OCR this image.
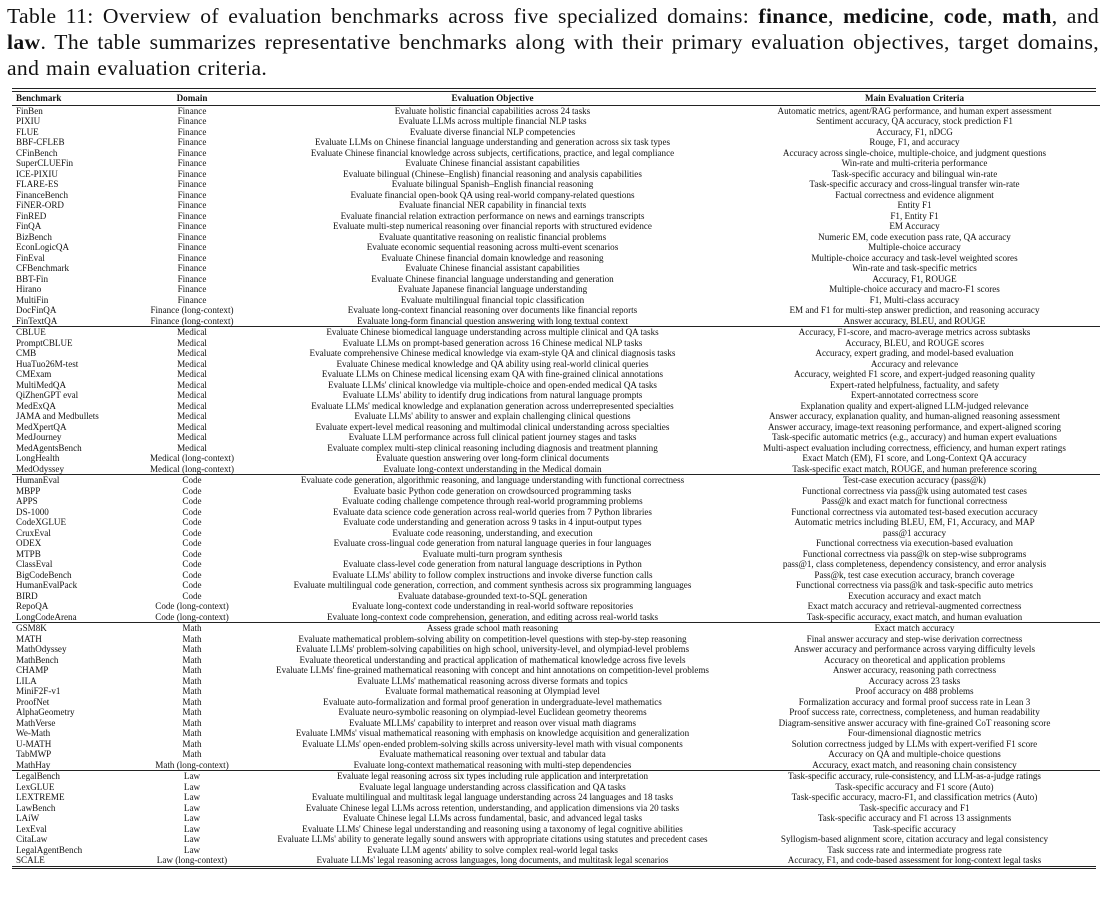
Table 11: Overview of evaluation benchmarks across five specialized domains: finance, medicine, code, math, and law. The table summarizes representative benchmarks along with their primary evaluation objectives, target domains, and main evaluation criteria.
Benchmark	Domain	Evaluation Objective	Main Evaluation Criteria

FinBen	Finance	Evaluate holistic financial capabilities across 24 tasks	Automatic metrics, agent/RAG performance, and human expert assessment
PIXIU	Finance	Evaluate LLMs across multiple financial NLP tasks	Sentiment accuracy, QA accuracy, stock prediction F1
FLUE	Finance	Evaluate diverse financial NLP competencies	Accuracy, F1, nDCG
BBF-CFLEB	Finance	Evaluate LLMs on Chinese financial language understanding and generation across six task types	Rouge, F1, and accuracy
CFinBench	Finance	Evaluate Chinese financial knowledge across subjects, certifications, practice, and legal compliance	Accuracy across single-choice, multiple-choice, and judgment questions
SuperCLUEFin	Finance	Evaluate Chinese financial assistant capabilities	Win-rate and multi-criteria performance
ICE-PIXIU	Finance	Evaluate bilingual (Chinese–English) financial reasoning and analysis capabilities	Task-specific accuracy and bilingual win-rate
FLARE-ES	Finance	Evaluate bilingual Spanish–English financial reasoning	Task-specific accuracy and cross-lingual transfer win-rate
FinanceBench	Finance	Evaluate financial open-book QA using real-world company-related questions	Factual correctness and evidence alignment
FiNER-ORD	Finance	Evaluate financial NER capability in financial texts	Entity F1
FinRED	Finance	Evaluate financial relation extraction performance on news and earnings transcripts	F1, Entity F1
FinQA	Finance	Evaluate multi-step numerical reasoning over financial reports with structured evidence	EM Accuracy
BizBench	Finance	Evaluate quantitative reasoning on realistic financial problems	Numeric EM, code execution pass rate, QA accuracy
EconLogicQA	Finance	Evaluate economic sequential reasoning across multi-event scenarios	Multiple-choice accuracy
FinEval	Finance	Evaluate Chinese financial domain knowledge and reasoning	Multiple-choice accuracy and task-level weighted scores
CFBenchmark	Finance	Evaluate Chinese financial assistant capabilities	Win-rate and task-specific metrics
BBT-Fin	Finance	Evaluate Chinese financial language understanding and generation	Accuracy, F1, ROUGE
Hirano	Finance	Evaluate Japanese financial language understanding	Multiple-choice accuracy and macro-F1 scores
MultiFin	Finance	Evaluate multilingual financial topic classification	F1, Multi-class accuracy
DocFinQA	Finance (long-context)	Evaluate long-context financial reasoning over documents like financial reports	EM and F1 for multi-step answer prediction, and reasoning accuracy
FinTextQA	Finance (long-context)	Evaluate long-form financial question answering with long textual context	Answer accuracy, BLEU, and ROUGE

CBLUE	Medical	Evaluate Chinese biomedical language understanding across multiple clinical and QA tasks	Accuracy, F1-score, and macro-average metrics across subtasks
PromptCBLUE	Medical	Evaluate LLMs on prompt-based generation across 16 Chinese medical NLP tasks	Accuracy, BLEU, and ROUGE scores
CMB	Medical	Evaluate comprehensive Chinese medical knowledge via exam-style QA and clinical diagnosis tasks	Accuracy, expert grading, and model-based evaluation
HuaTuo26M-test	Medical	Evaluate Chinese medical knowledge and QA ability using real-world clinical queries	Accuracy and relevance
CMExam	Medical	Evaluate LLMs on Chinese medical licensing exam QA with fine-grained clinical annotations	Accuracy, weighted F1 score, and expert-judged reasoning quality
MultiMedQA	Medical	Evaluate LLMs' clinical knowledge via multiple-choice and open-ended medical QA tasks	Expert-rated helpfulness, factuality, and safety
QiZhenGPT eval	Medical	Evaluate LLMs' ability to identify drug indications from natural language prompts	Expert-annotated correctness score
MedExQA	Medical	Evaluate LLMs' medical knowledge and explanation generation across underrepresented specialties	Explanation quality and expert-aligned LLM-judged relevance
JAMA and Medbullets	Medical	Evaluate LLMs' ability to answer and explain challenging clinical questions	Answer accuracy, explanation quality, and human-aligned reasoning assessment
MedXpertQA	Medical	Evaluate expert-level medical reasoning and multimodal clinical understanding across specialties	Answer accuracy, image-text reasoning performance, and expert-aligned scoring
MedJourney	Medical	Evaluate LLM performance across full clinical patient journey stages and tasks	Task-specific automatic metrics (e.g., accuracy) and human expert evaluations
MedAgentsBench	Medical	Evaluate complex multi-step clinical reasoning including diagnosis and treatment planning	Multi-aspect evaluation including correctness, efficiency, and human expert ratings
LongHealth	Medical (long-context)	Evaluate question answering over long-form clinical documents	Exact Match (EM), F1 score, and Long-Context QA accuracy
MedOdyssey	Medical (long-context)	Evaluate long-context understanding in the Medical domain	Task-specific exact match, ROUGE, and human preference scoring

HumanEval	Code	Evaluate code generation, algorithmic reasoning, and language understanding with functional correctness	Test-case execution accuracy (pass@k)
MBPP	Code	Evaluate basic Python code generation on crowdsourced programming tasks	Functional correctness via pass@k using automated test cases
APPS	Code	Evaluate coding challenge competence through real-world programming problems	Pass@k and exact match for functional correctness
DS-1000	Code	Evaluate data science code generation across real-world queries from 7 Python libraries	Functional correctness via automated test-based execution accuracy
CodeXGLUE	Code	Evaluate code understanding and generation across 9 tasks in 4 input-output types	Automatic metrics including BLEU, EM, F1, Accuracy, and MAP
CruxEval	Code	Evaluate code reasoning, understanding, and execution	pass@1 accuracy
ODEX	Code	Evaluate cross-lingual code generation from natural language queries in four languages	Functional correctness via execution-based evaluation
MTPB	Code	Evaluate multi-turn program synthesis	Functional correctness via pass@k on step-wise subprograms
ClassEval	Code	Evaluate class-level code generation from natural language descriptions in Python	pass@1, class completeness, dependency consistency, and error analysis
BigCodeBench	Code	Evaluate LLMs' ability to follow complex instructions and invoke diverse function calls	Pass@k, test case execution accuracy, branch coverage
HumanEvalPack	Code	Evaluate multilingual code generation, correction, and comment synthesis across six programming languages	Functional correctness via pass@k and task-specific auto metrics
BIRD	Code	Evaluate database-grounded text-to-SQL generation	Execution accuracy and exact match
RepoQA	Code (long-context)	Evaluate long-context code understanding in real-world software repositories	Exact match accuracy and retrieval-augmented correctness
LongCodeArena	Code (long-context)	Evaluate long-context code comprehension, generation, and editing across real-world tasks	Task-specific accuracy, exact match, and human evaluation

GSM8K	Math	Assess grade school math reasoning	Exact match accuracy
MATH	Math	Evaluate mathematical problem-solving ability on competition-level questions with step-by-step reasoning	Final answer accuracy and step-wise derivation correctness
MathOdyssey	Math	Evaluate LLMs' problem-solving capabilities on high school, university-level, and olympiad-level problems	Answer accuracy and performance across varying difficulty levels
MathBench	Math	Evaluate theoretical understanding and practical application of mathematical knowledge across five levels	Accuracy on theoretical and application problems
CHAMP	Math	Evaluate LLMs' fine-grained mathematical reasoning with concept and hint annotations on competition-level problems	Answer accuracy, reasoning path correctness
LILA	Math	Evaluate LLMs' mathematical reasoning across diverse formats and topics	Accuracy across 23 tasks
MiniF2F-v1	Math	Evaluate formal mathematical reasoning at Olympiad level	Proof accuracy on 488 problems
ProofNet	Math	Evaluate auto-formalization and formal proof generation in undergraduate-level mathematics	Formalization accuracy and formal proof success rate in Lean 3
AlphaGeometry	Math	Evaluate neuro-symbolic reasoning on olympiad-level Euclidean geometry theorems	Proof success rate, correctness, completeness, and human readability
MathVerse	Math	Evaluate MLLMs' capability to interpret and reason over visual math diagrams	Diagram-sensitive answer accuracy with fine-grained CoT reasoning score
We-Math	Math	Evaluate LMMs' visual mathematical reasoning with emphasis on knowledge acquisition and generalization	Four-dimensional diagnostic metrics
U-MATH	Math	Evaluate LLMs' open-ended problem-solving skills across university-level math with visual components	Solution correctness judged by LLMs with expert-verified F1 score
TabMWP	Math	Evaluate mathematical reasoning over textual and tabular data	Accuracy on QA and multiple-choice questions
MathHay	Math (long-context)	Evaluate long-context mathematical reasoning with multi-step dependencies	Accuracy, exact match, and reasoning chain consistency

LegalBench	Law	Evaluate legal reasoning across six types including rule application and interpretation	Task-specific accuracy, rule-consistency, and LLM-as-a-judge ratings
LexGLUE	Law	Evaluate legal language understanding across classification and QA tasks	Task-specific accuracy and F1 score (Auto)
LEXTREME	Law	Evaluate multilingual and multitask legal language understanding across 24 languages and 18 tasks	Task-specific accuracy, macro-F1, and classification metrics (Auto)
LawBench	Law	Evaluate Chinese legal LLMs across retention, understanding, and application dimensions via 20 tasks	Task-specific accuracy and F1
LAiW	Law	Evaluate Chinese legal LLMs across fundamental, basic, and advanced legal tasks	Task-specific accuracy and F1 across 13 assignments
LexEval	Law	Evaluate LLMs' Chinese legal understanding and reasoning using a taxonomy of legal cognitive abilities	Task-specific accuracy
CitaLaw	Law	Evaluate LLMs' ability to generate legally sound answers with appropriate citations using statutes and precedent cases	Syllogism-based alignment score, citation accuracy and legal consistency
LegalAgentBench	Law	Evaluate LLM agents' ability to solve complex real-world legal tasks	Task success rate and intermediate progress rate
SCALE	Law (long-context)	Evaluate LLMs' legal reasoning across languages, long documents, and multitask legal scenarios	Accuracy, F1, and code-based assessment for long-context legal tasks
